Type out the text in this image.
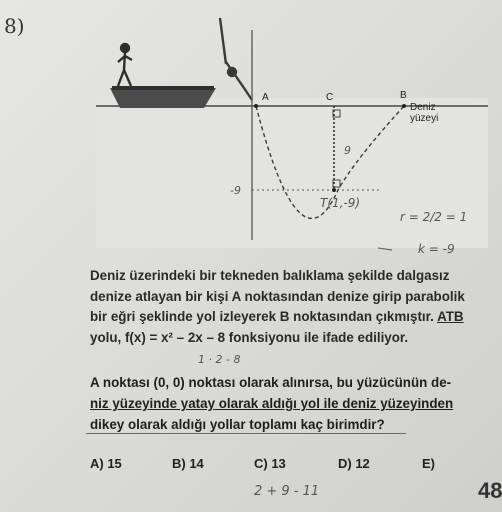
8)
A	C	B
Deniz
yüzeyi
9
-9
T(1,-9)
r = 2/2 = 1
k = -9

Deniz üzerindeki bir tekneden balıklama şekilde dalgasız

denize atlayan bir kişi A noktasından denize girip parabolik

bir eğri şeklinde yol izleyerek B noktasından çıkmıştır. ATB

yolu, f(x) = x² – 2x – 8 fonksiyonu ile ifade ediliyor.

1 · 2 - 8

A noktası (0, 0) noktası olarak alınırsa, bu yüzücünün de-

niz yüzeyinde yatay olarak aldığı yol ile deniz yüzeyinden

dikey olarak aldığı yollar toplamı kaç birimdir?

A) 15	B) 14	C) 13	D) 12	E)
2 + 9 - 11	48
